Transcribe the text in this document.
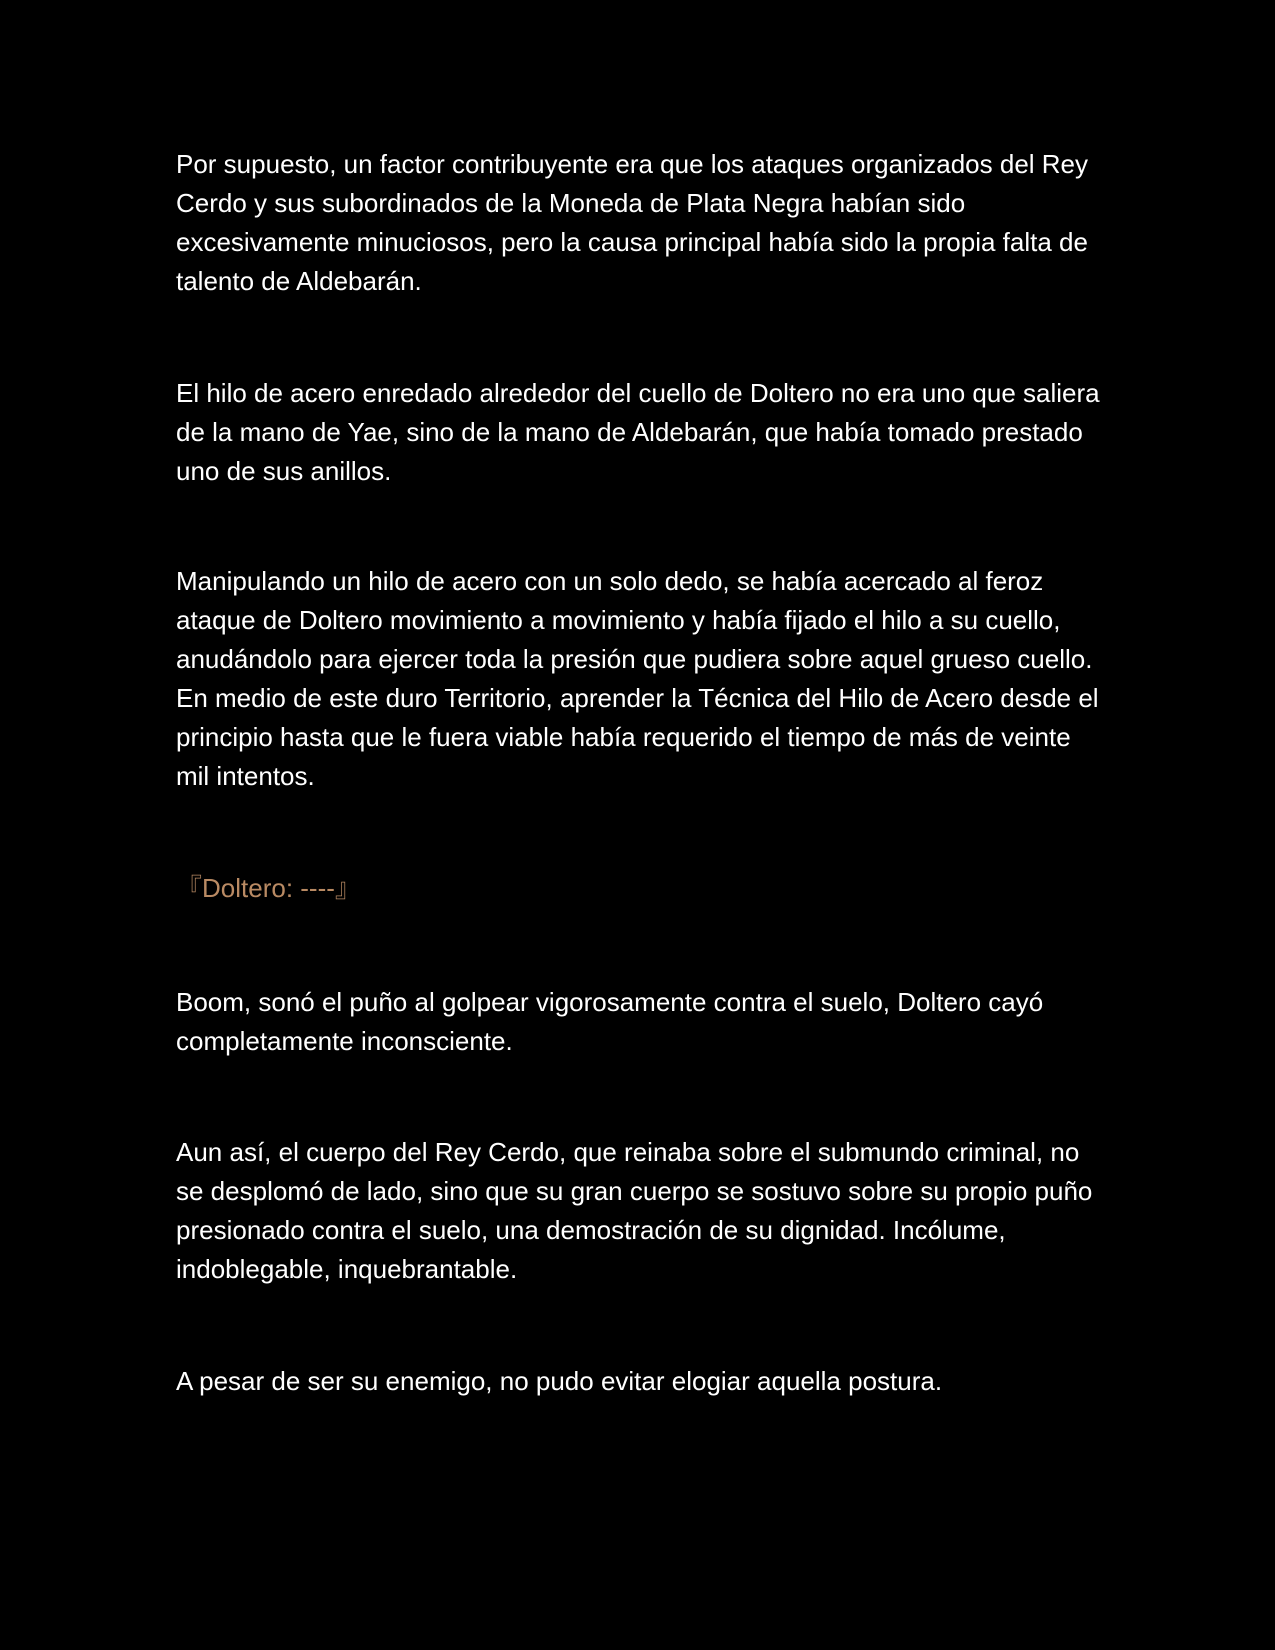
Por supuesto, un factor contribuyente era que los ataques organizados del Rey Cerdo y sus subordinados de la Moneda de Plata Negra habían sido excesivamente minuciosos, pero la causa principal había sido la propia falta de talento de Aldebarán.

El hilo de acero enredado alrededor del cuello de Doltero no era uno que saliera de la mano de Yae, sino de la mano de Aldebarán, que había tomado prestado uno de sus anillos.

Manipulando un hilo de acero con un solo dedo, se había acercado al feroz ataque de Doltero movimiento a movimiento y había fijado el hilo a su cuello, anudándolo para ejercer toda la presión que pudiera sobre aquel grueso cuello. En medio de este duro Territorio, aprender la Técnica del Hilo de Acero desde el principio hasta que le fuera viable había requerido el tiempo de más de veinte mil intentos.

『Doltero: ----』

Boom, sonó el puño al golpear vigorosamente contra el suelo, Doltero cayó completamente inconsciente.

Aun así, el cuerpo del Rey Cerdo, que reinaba sobre el submundo criminal, no se desplomó de lado, sino que su gran cuerpo se sostuvo sobre su propio puño presionado contra el suelo, una demostración de su dignidad. Incólume, indoblegable, inquebrantable.

A pesar de ser su enemigo, no pudo evitar elogiar aquella postura.
